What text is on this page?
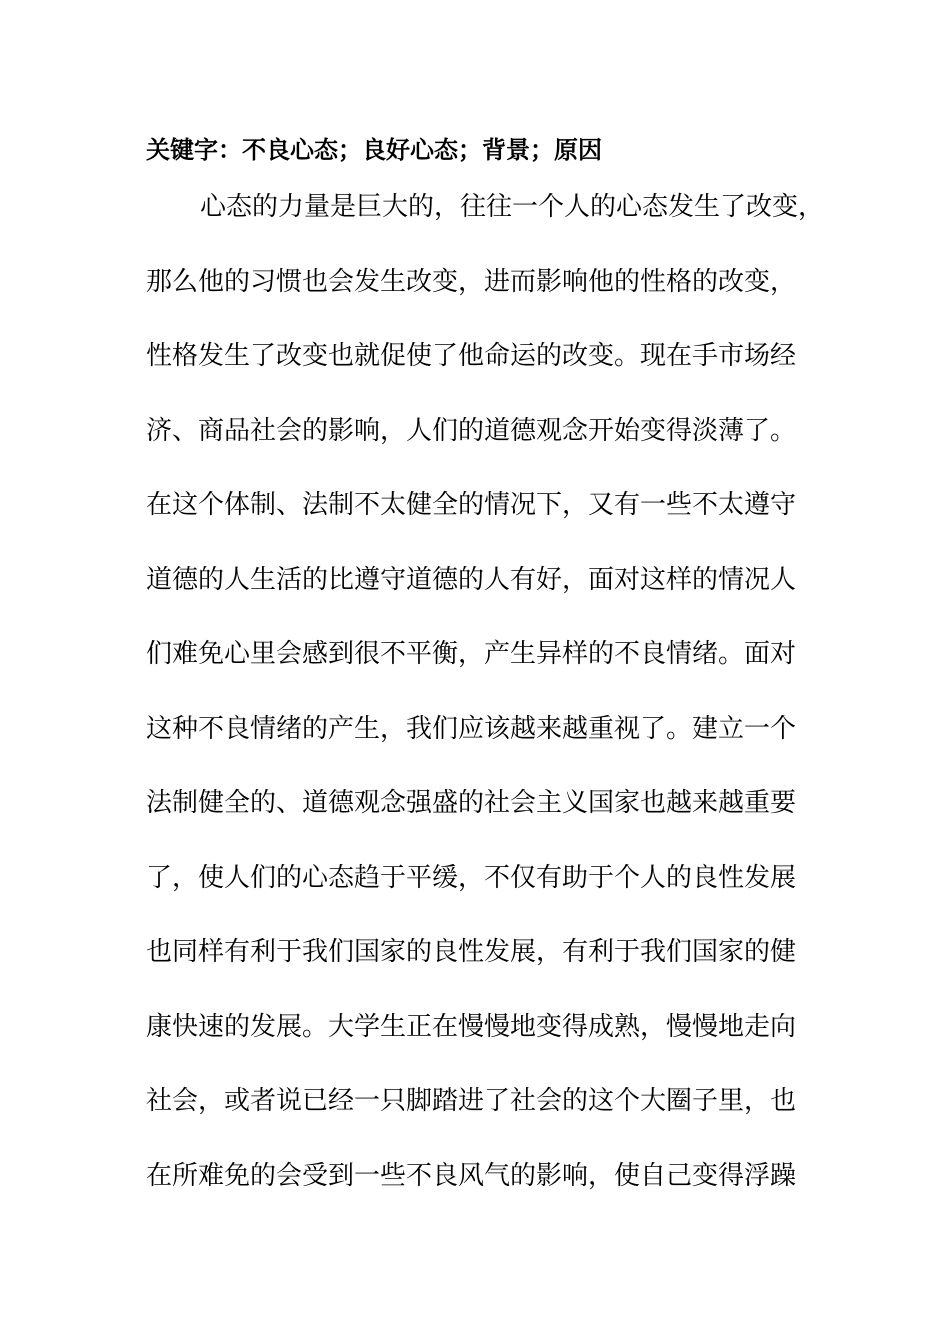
关键字：不良心态；良好心态；背景；原因
心态的力量是巨大的，往往一个人的心态发生了改变，
那么他的习惯也会发生改变，进而影响他的性格的改变，
性格发生了改变也就促使了他命运的改变。现在手市场经
济、商品社会的影响，人们的道德观念开始变得淡薄了。
在这个体制、法制不太健全的情况下，又有一些不太遵守
道德的人生活的比遵守道德的人有好，面对这样的情况人
们难免心里会感到很不平衡，产生异样的不良情绪。面对
这种不良情绪的产生，我们应该越来越重视了。建立一个
法制健全的、道德观念强盛的社会主义国家也越来越重要
了，使人们的心态趋于平缓，不仅有助于个人的良性发展
也同样有利于我们国家的良性发展，有利于我们国家的健
康快速的发展。大学生正在慢慢地变得成熟，慢慢地走向
社会，或者说已经一只脚踏进了社会的这个大圈子里，也
在所难免的会受到一些不良风气的影响，使自己变得浮躁
